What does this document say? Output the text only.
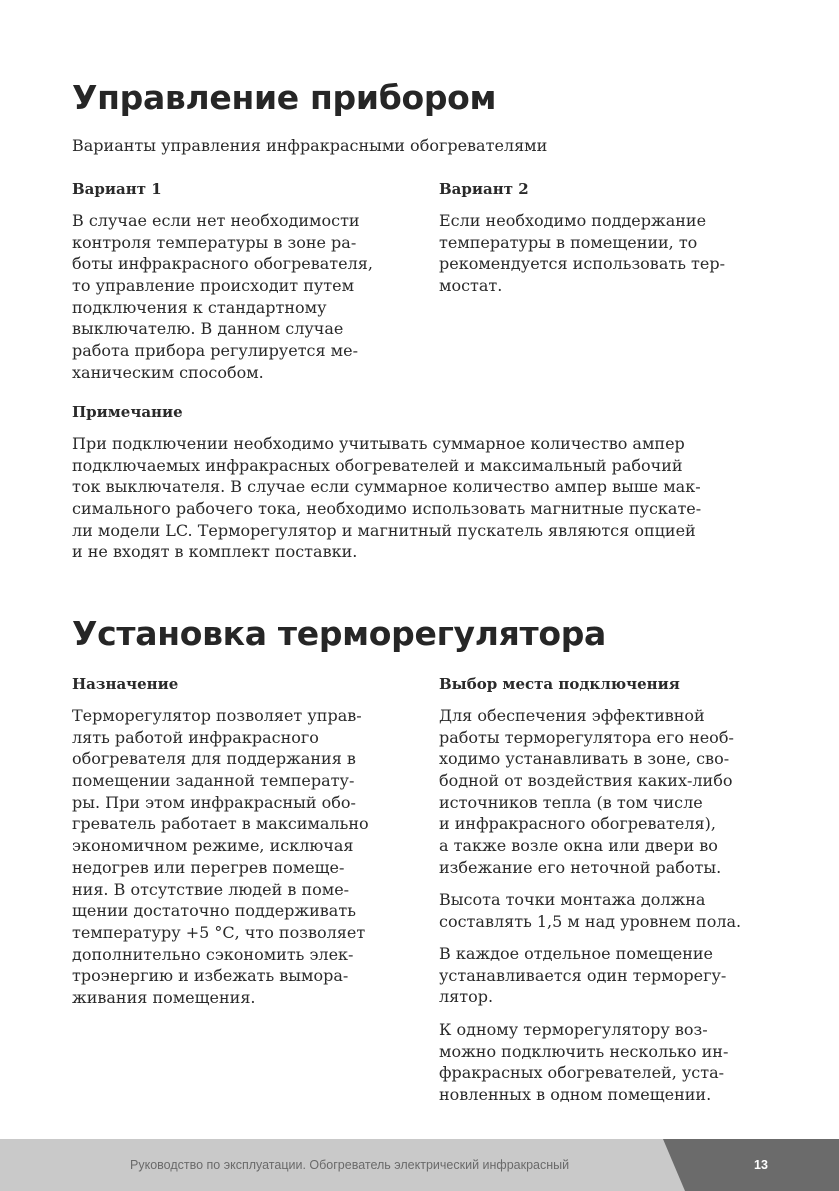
Управление прибором
Варианты управления инфракрасными обогревателями
Вариант 1
В случае если нет необходимости
контроля температуры в зоне ра-
боты инфракрасного обогревателя,
то управление происходит путем
подключения к стандартному
выключателю. В данном случае
работа прибора регулируется ме-
ханическим способом.
Вариант 2
Если необходимо поддержание
температуры в помещении, то
рекомендуется использовать тер-
мостат.
Примечание
При подключении необходимо учитывать суммарное количество ампер
подключаемых инфракрасных обогревателей и максимальный рабочий
ток выключателя. В случае если суммарное количество ампер выше мак-
симального рабочего тока, необходимо использовать магнитные пускате-
ли модели LC. Терморегулятор и магнитный пускатель являются опцией
и не входят в комплект поставки.
Установка терморегулятора
Назначение
Терморегулятор позволяет управ-
лять работой инфракрасного
обогревателя для поддержания в
помещении заданной температу-
ры. При этом инфракрасный обо-
греватель работает в максимально
экономичном режиме, исключая
недогрев или перегрев помеще-
ния. В отсутствие людей в поме-
щении достаточно поддерживать
температуру +5 °С, что позволяет
дополнительно сэкономить элек-
троэнергию и избежать вымора-
живания помещения.
Выбор места подключения
Для обеспечения эффективной
работы терморегулятора его необ-
ходимо устанавливать в зоне, сво-
бодной от воздействия каких-либо
источников тепла (в том числе
и инфракрасного обогревателя),
а также возле окна или двери во
избежание его неточной работы.
Высота точки монтажа должна
составлять 1,5 м над уровнем пола.
В каждое отдельное помещение
устанавливается один терморегу-
лятор.
К одному терморегулятору воз-
можно подключить несколько ин-
фракрасных обогревателей, уста-
новленных в одном помещении.
Руководство по эксплуатации. Обогреватель электрический инфракрасный	13
